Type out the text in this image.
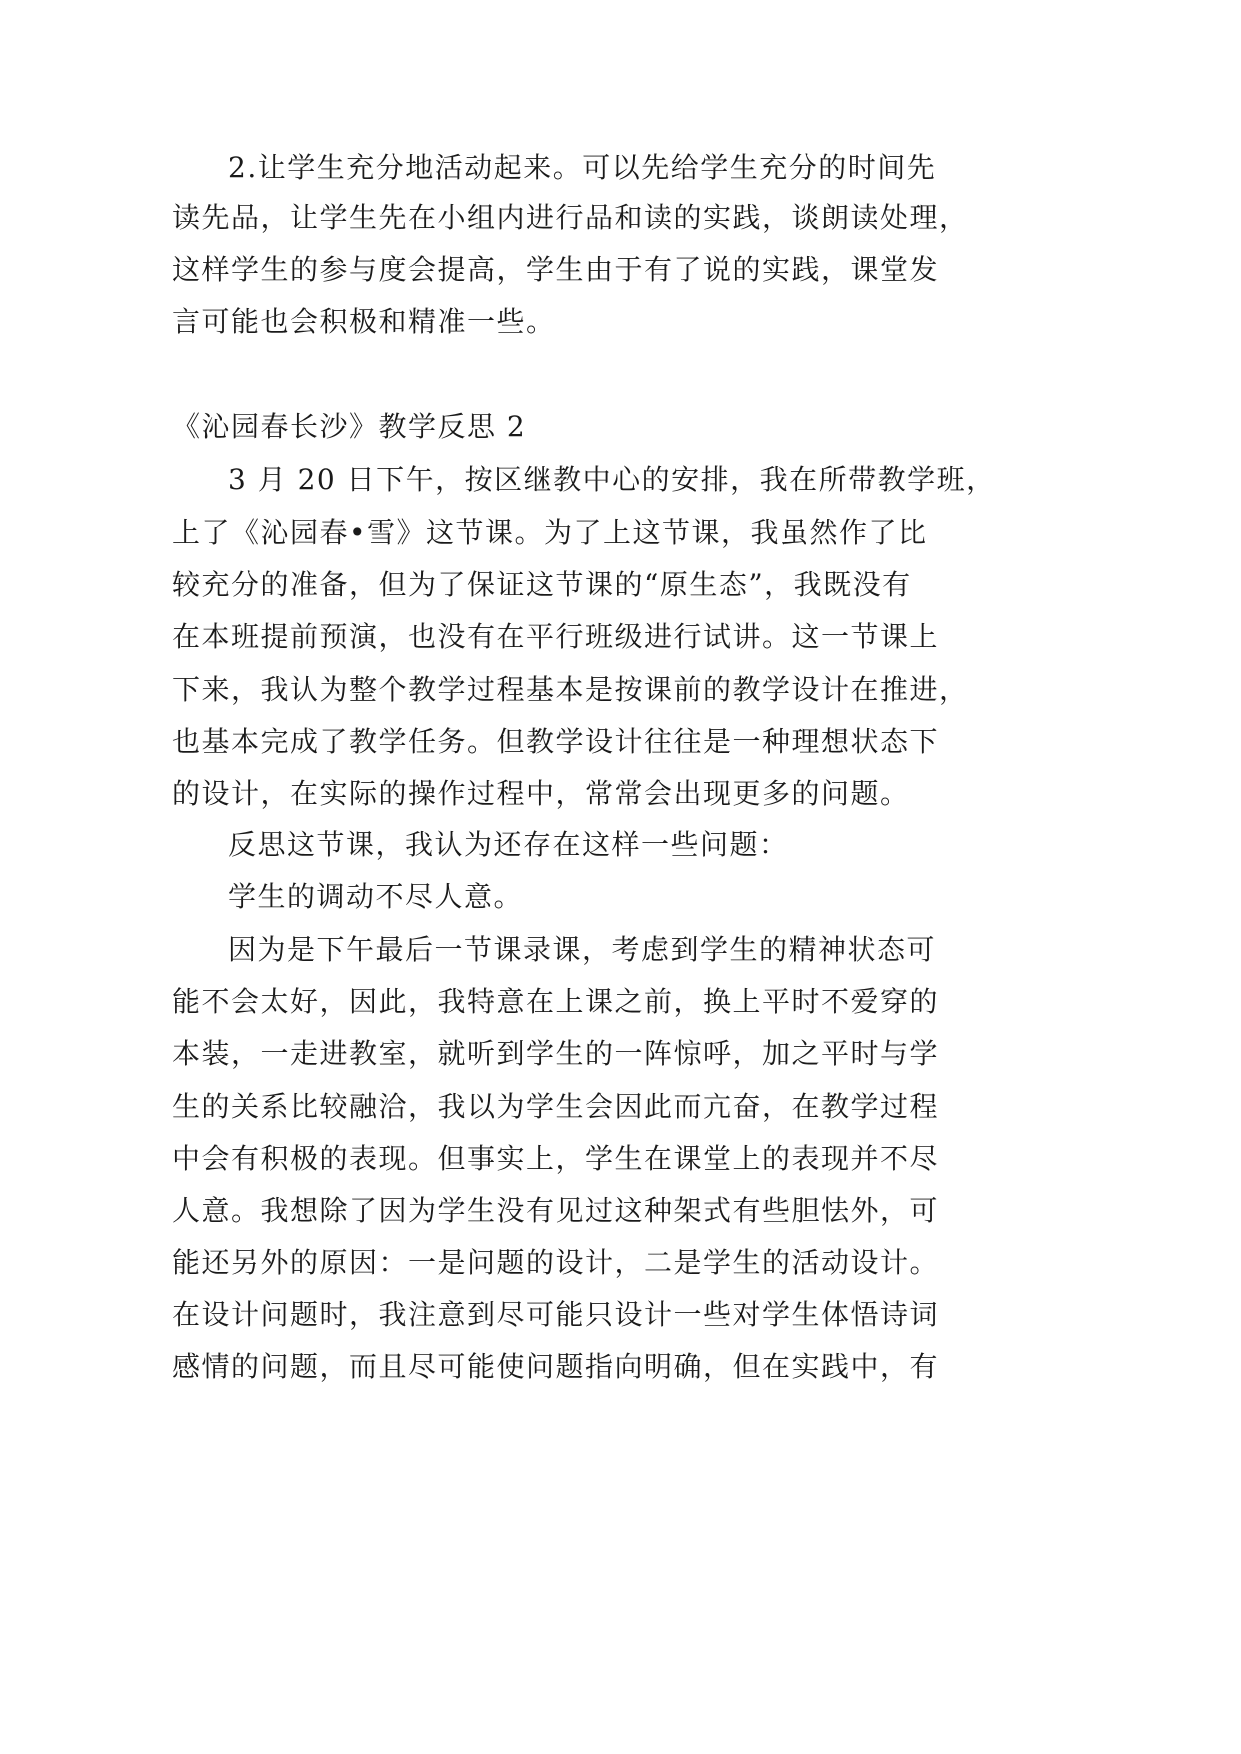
2.让学生充分地活动起来。可以先给学生充分的时间先
读先品，让学生先在小组内进行品和读的实践，谈朗读处理，
这样学生的参与度会提高，学生由于有了说的实践，课堂发
言可能也会积极和精准一些。
《沁园春长沙》教学反思 2
3 月 20 日下午，按区继教中心的安排，我在所带教学班，
上了《沁园春•雪》这节课。为了上这节课，我虽然作了比
较充分的准备，但为了保证这节课的“原生态”，我既没有
在本班提前预演，也没有在平行班级进行试讲。这一节课上
下来，我认为整个教学过程基本是按课前的教学设计在推进，
也基本完成了教学任务。但教学设计往往是一种理想状态下
的设计，在实际的操作过程中，常常会出现更多的问题。
反思这节课，我认为还存在这样一些问题：
学生的调动不尽人意。
因为是下午最后一节课录课，考虑到学生的精神状态可
能不会太好，因此，我特意在上课之前，换上平时不爱穿的
本装，一走进教室，就听到学生的一阵惊呼，加之平时与学
生的关系比较融洽，我以为学生会因此而亢奋，在教学过程
中会有积极的表现。但事实上，学生在课堂上的表现并不尽
人意。我想除了因为学生没有见过这种架式有些胆怯外，可
能还另外的原因：一是问题的设计，二是学生的活动设计。
在设计问题时，我注意到尽可能只设计一些对学生体悟诗词
感情的问题，而且尽可能使问题指向明确，但在实践中，有
